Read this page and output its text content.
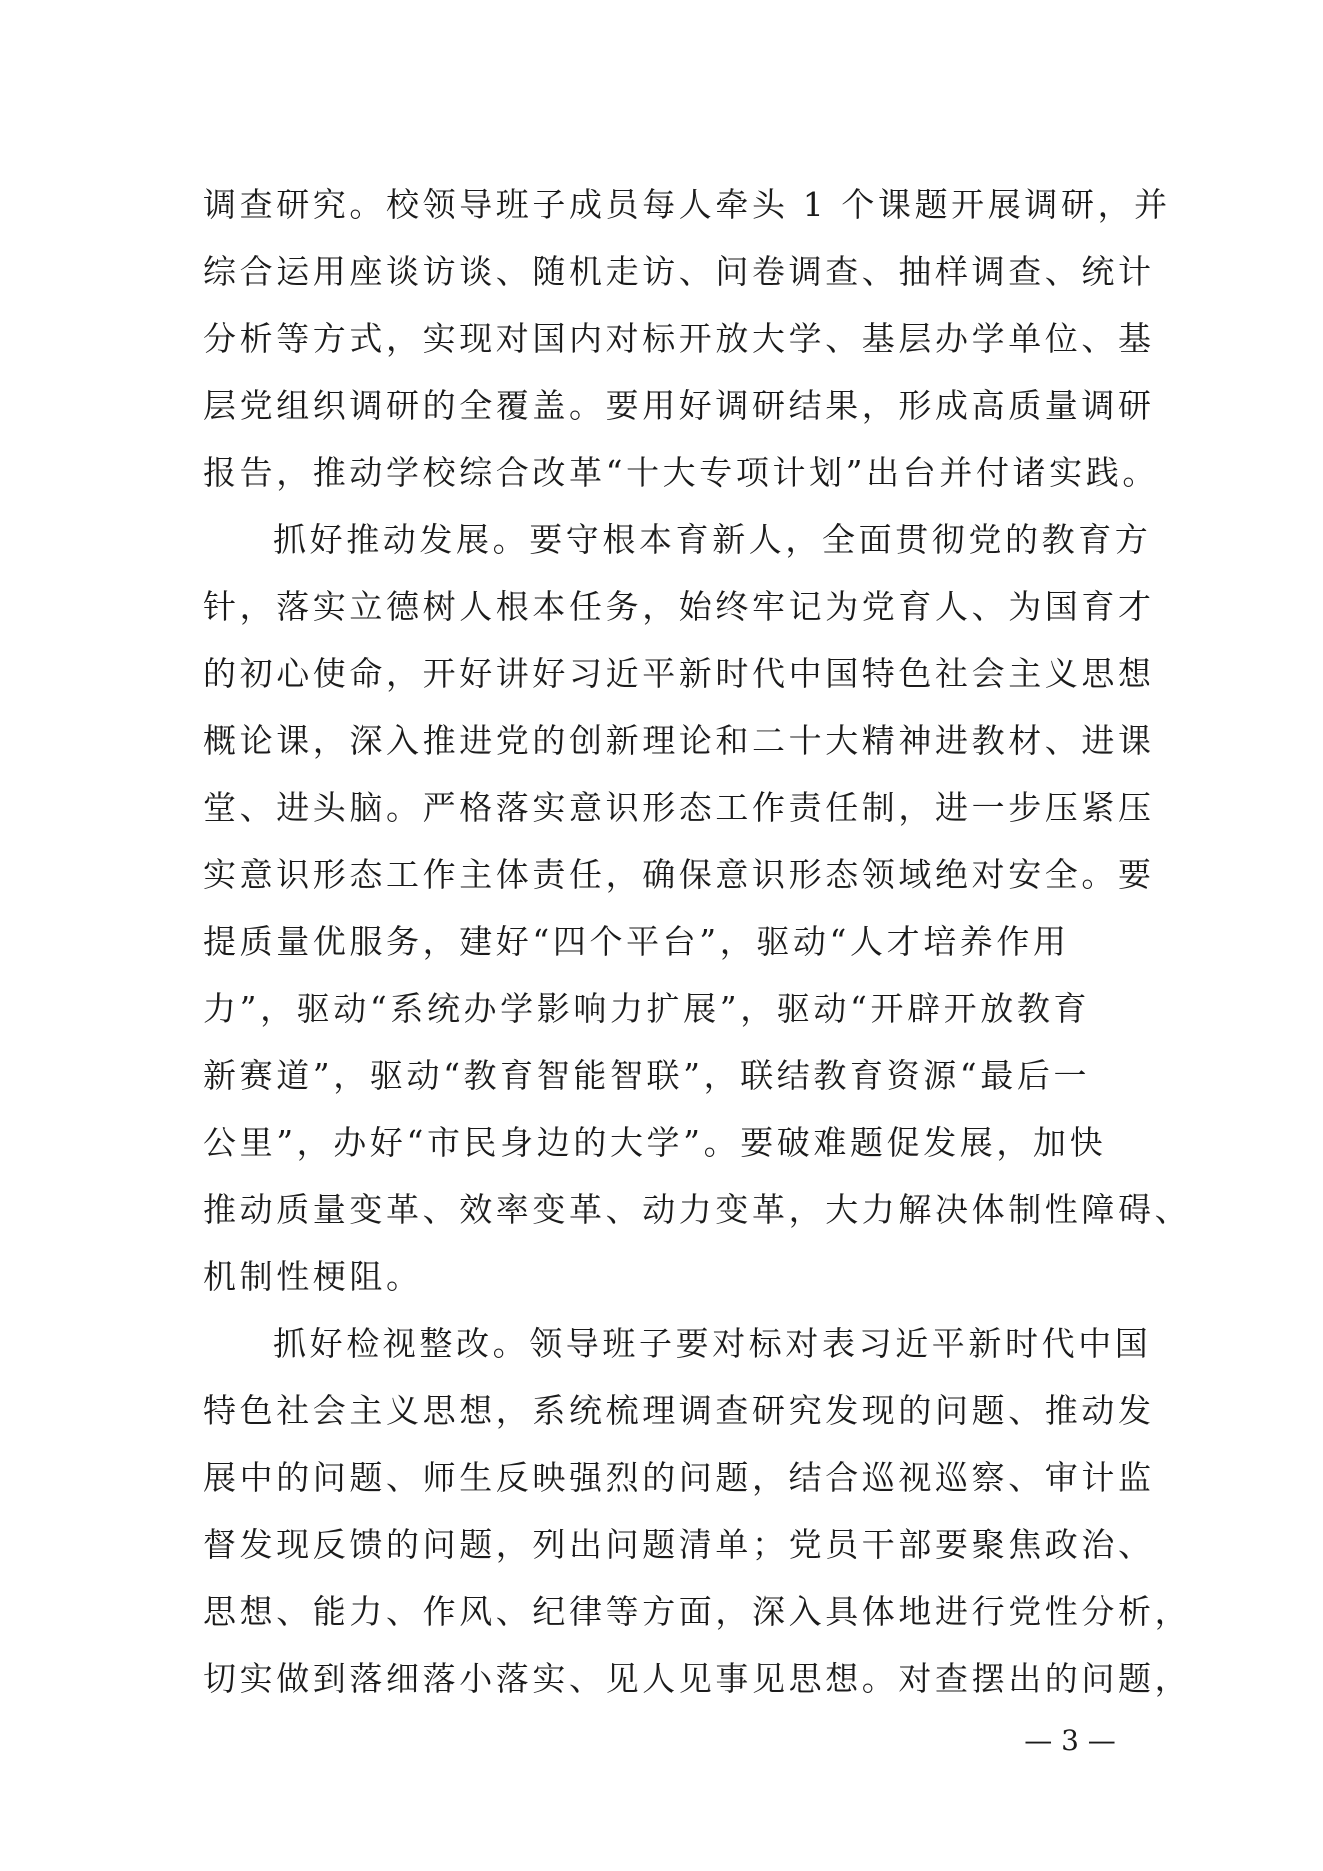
调查研究。校领导班子成员每人牵头 1 个课题开展调研，并
综合运用座谈访谈、随机走访、问卷调查、抽样调查、统计
分析等方式，实现对国内对标开放大学、基层办学单位、基
层党组织调研的全覆盖。要用好调研结果，形成高质量调研
报告，推动学校综合改革“十大专项计划”出台并付诸实践。
抓好推动发展。要守根本育新人，全面贯彻党的教育方
针，落实立德树人根本任务，始终牢记为党育人、为国育才
的初心使命，开好讲好习近平新时代中国特色社会主义思想
概论课，深入推进党的创新理论和二十大精神进教材、进课
堂、进头脑。严格落实意识形态工作责任制，进一步压紧压
实意识形态工作主体责任，确保意识形态领域绝对安全。要
提质量优服务，建好“四个平台”，驱动“人才培养作用
力”，驱动“系统办学影响力扩展”，驱动“开辟开放教育
新赛道”，驱动“教育智能智联”，联结教育资源“最后一
公里”，办好“市民身边的大学”。要破难题促发展，加快
推动质量变革、效率变革、动力变革，大力解决体制性障碍、
机制性梗阻。
抓好检视整改。领导班子要对标对表习近平新时代中国
特色社会主义思想，系统梳理调查研究发现的问题、推动发
展中的问题、师生反映强烈的问题，结合巡视巡察、审计监
督发现反馈的问题，列出问题清单；党员干部要聚焦政治、
思想、能力、作风、纪律等方面，深入具体地进行党性分析，
切实做到落细落小落实、见人见事见思想。对查摆出的问题，
— 3 —
